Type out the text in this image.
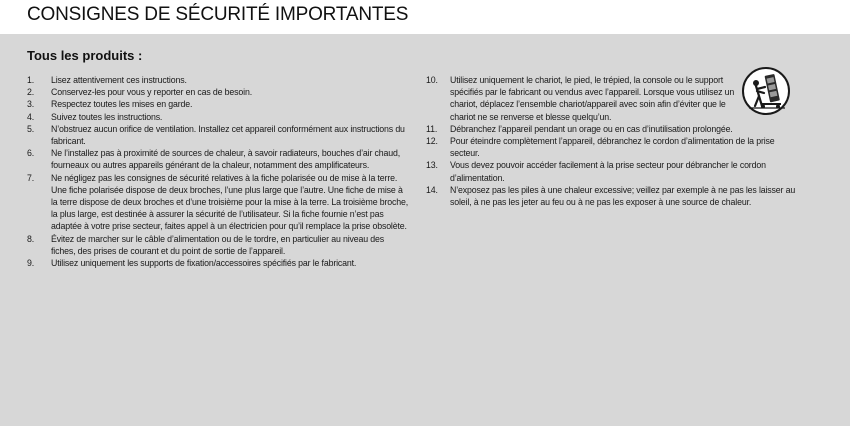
CONSIGNES DE SÉCURITÉ IMPORTANTES
Tous les produits :
1.	Lisez attentivement ces instructions.
2.	Conservez-les pour vous y reporter en cas de besoin.
3.	Respectez toutes les mises en garde.
4.	Suivez toutes les instructions.
5.	N’obstruez aucun orifice de ventilation. Installez cet appareil conformément aux instructions du fabricant.
6.	Ne l’installez pas à proximité de sources de chaleur, à savoir radiateurs, bouches d’air chaud, fourneaux ou autres appareils générant de la chaleur, notamment des amplificateurs.
7.	Ne négligez pas les consignes de sécurité relatives à la fiche polarisée ou de mise à la terre. Une fiche polarisée dispose de deux broches, l’une plus large que l’autre. Une fiche de mise à la terre dispose de deux broches et d’une troisième pour la mise à la terre. La troisième broche, la plus large, est destinée à assurer la sécurité de l’utilisateur. Si la fiche fournie n’est pas adaptée à votre prise secteur, faites appel à un électricien pour qu’il remplace la prise obsolète.
8.	Évitez de marcher sur le câble d’alimentation ou de le tordre, en particulier au niveau des fiches, des prises de courant et du point de sortie de l’appareil.
9.	Utilisez uniquement les supports de fixation/accessoires spécifiés par le fabricant.
10.	Utilisez uniquement le chariot, le pied, le trépied, la console ou le support spécifiés par le fabricant ou vendus avec l’appareil. Lorsque vous utilisez un chariot, déplacez l’ensemble chariot/appareil avec soin afin d’éviter que le chariot ne se renverse et blesse quelqu’un.
11.	Débranchez l’appareil pendant un orage ou en cas d’inutilisation prolongée.
12.	Pour éteindre complètement l’appareil, débranchez le cordon d’alimentation de la prise secteur.
13.	Vous devez pouvoir accéder facilement à la prise secteur pour débrancher le cordon d’alimentation.
14.	N’exposez pas les piles à une chaleur excessive; veillez par exemple à ne pas les laisser au soleil, à ne pas les jeter au feu ou à ne pas les exposer à une source de chaleur.
